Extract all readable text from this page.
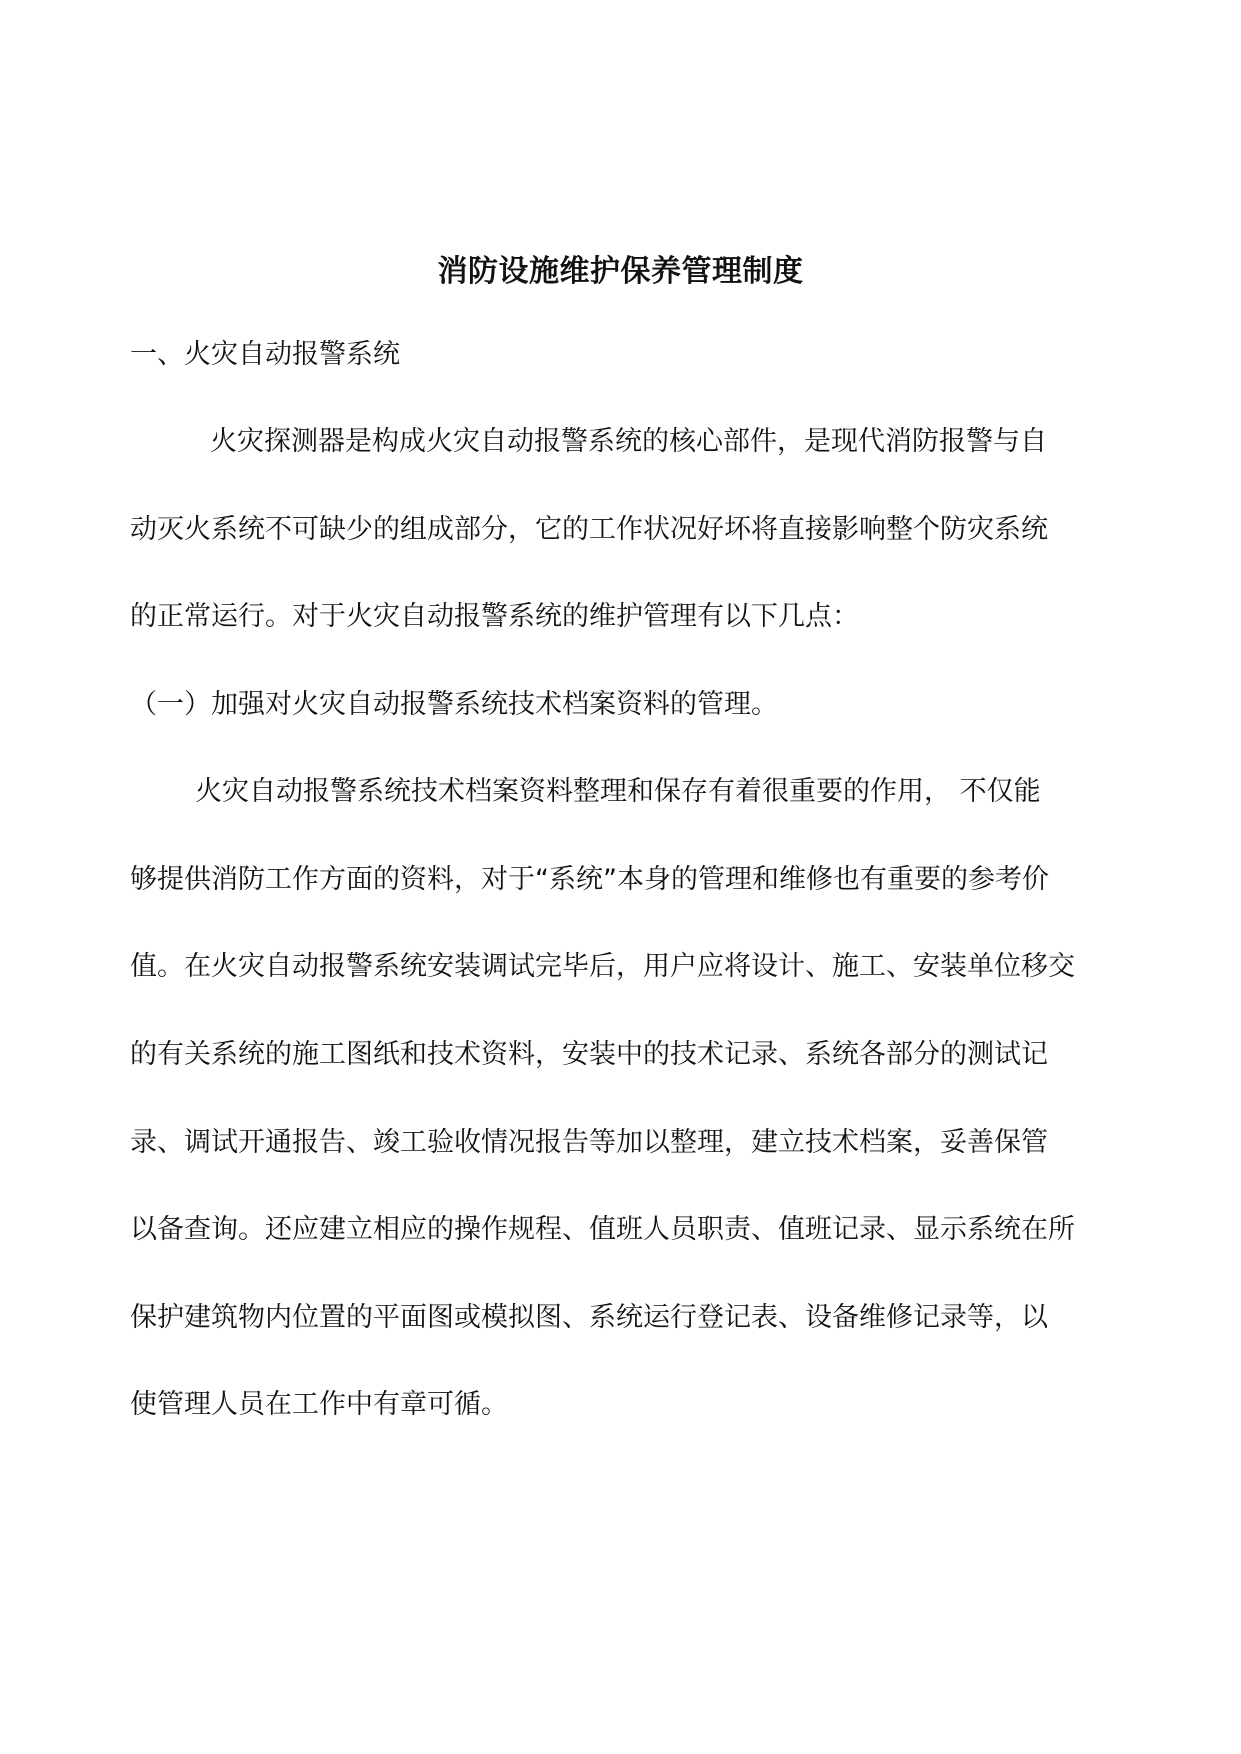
消防设施维护保养管理制度
一、火灾自动报警系统
火灾探测器是构成火灾自动报警系统的核心部件，是现代消防报警与自
动灭火系统不可缺少的组成部分，它的工作状况好坏将直接影响整个防灾系统
的正常运行。对于火灾自动报警系统的维护管理有以下几点：
（一）加强对火灾自动报警系统技术档案资料的管理。
火灾自动报警系统技术档案资料整理和保存有着很重要的作用， 不仅能
够提供消防工作方面的资料，对于“系统”本身的管理和维修也有重要的参考价
值。在火灾自动报警系统安装调试完毕后，用户应将设计、施工、安装单位移交
的有关系统的施工图纸和技术资料，安装中的技术记录、系统各部分的测试记
录、调试开通报告、竣工验收情况报告等加以整理，建立技术档案，妥善保管
以备查询。还应建立相应的操作规程、值班人员职责、值班记录、显示系统在所
保护建筑物内位置的平面图或模拟图、系统运行登记表、设备维修记录等，以
使管理人员在工作中有章可循。
